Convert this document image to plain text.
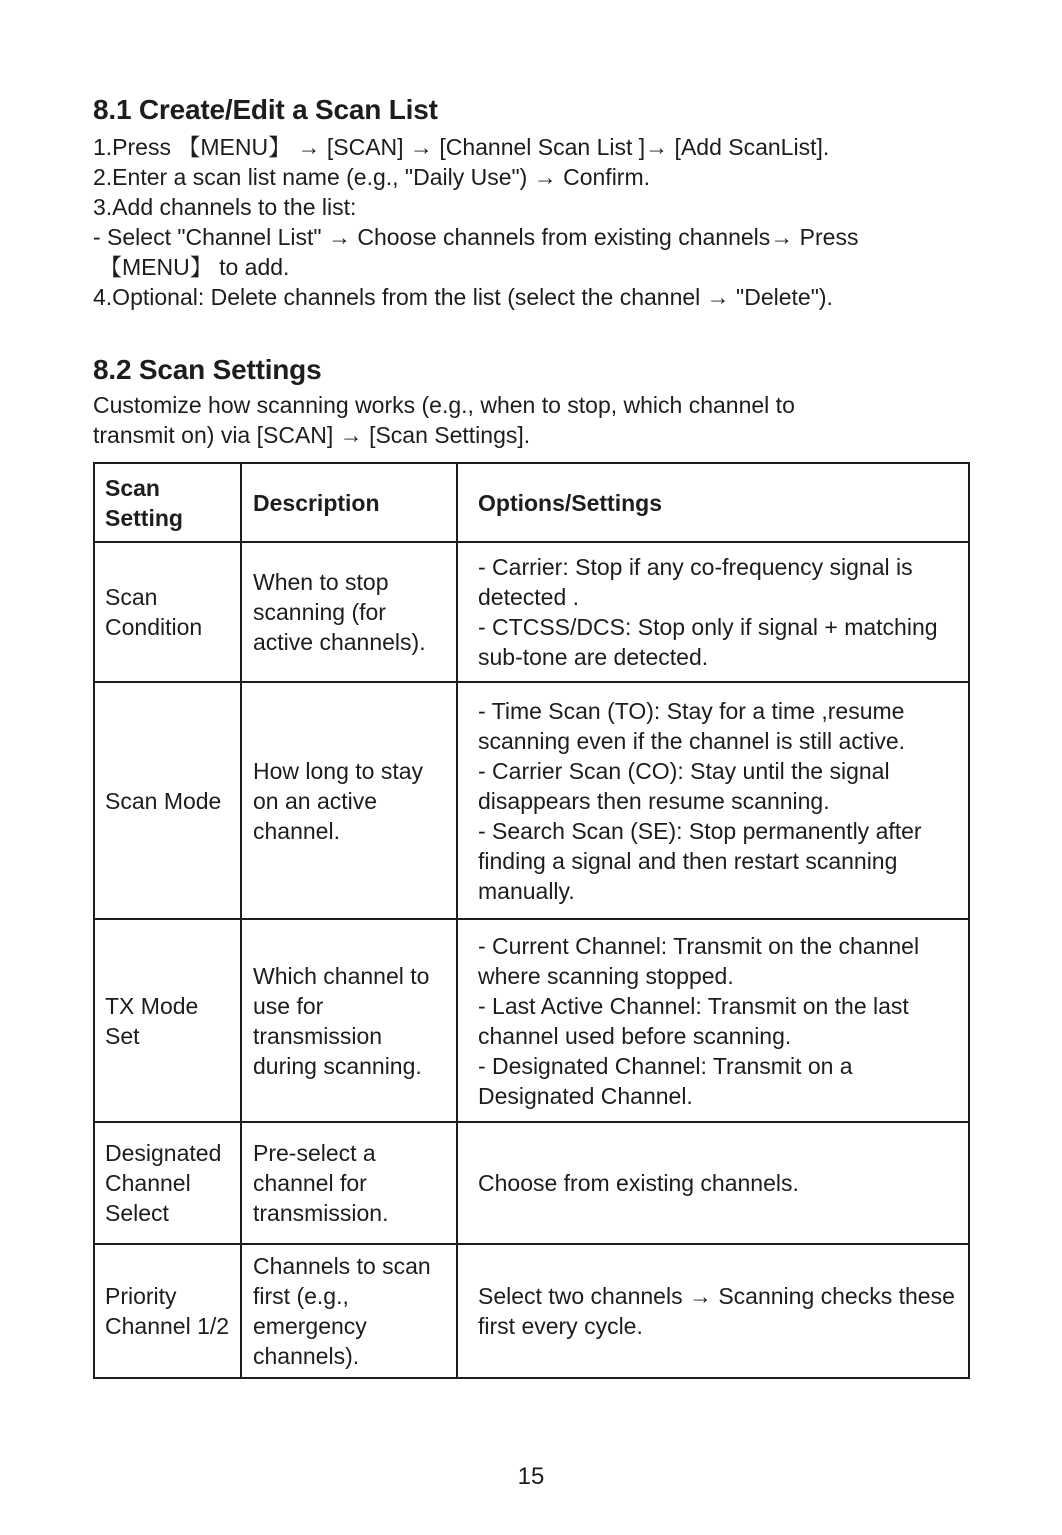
8.1 Create/Edit a Scan List
1.Press 【MENU】 → [SCAN] → [Channel Scan List ]→ [Add ScanList].
2.Enter a scan list name (e.g., "Daily Use") → Confirm.
3.Add channels to the list:
- Select "Channel List" → Choose channels from existing channels→ Press
【MENU】 to add.
4.Optional: Delete channels from the list (select the channel → "Delete").
8.2 Scan Settings
Customize how scanning works (e.g., when to stop, which channel to
transmit on) via [SCAN] → [Scan Settings].
Scan Setting	Description	Options/Settings
Scan Condition	When to stop scanning (for active channels).	- Carrier: Stop if any co-frequency signal is detected .
- CTCSS/DCS: Stop only if signal + matching sub-tone are detected.
Scan Mode	How long to stay on an active channel.	- Time Scan (TO): Stay for a time ,resume scanning even if the channel is still active.
- Carrier Scan (CO): Stay until the signal disappears then resume scanning.
- Search Scan (SE): Stop permanently after finding a signal and then restart scanning manually.
TX Mode Set	Which channel to use for transmission during scanning.	- Current Channel: Transmit on the channel where scanning stopped.
- Last Active Channel: Transmit on the last channel used before scanning.
- Designated Channel: Transmit on a Designated Channel.
Designated Channel Select	Pre-select a channel for transmission.	Choose from existing channels.
Priority Channel 1/2	Channels to scan first (e.g., emergency channels).	Select two channels → Scanning checks these first every cycle.
15
